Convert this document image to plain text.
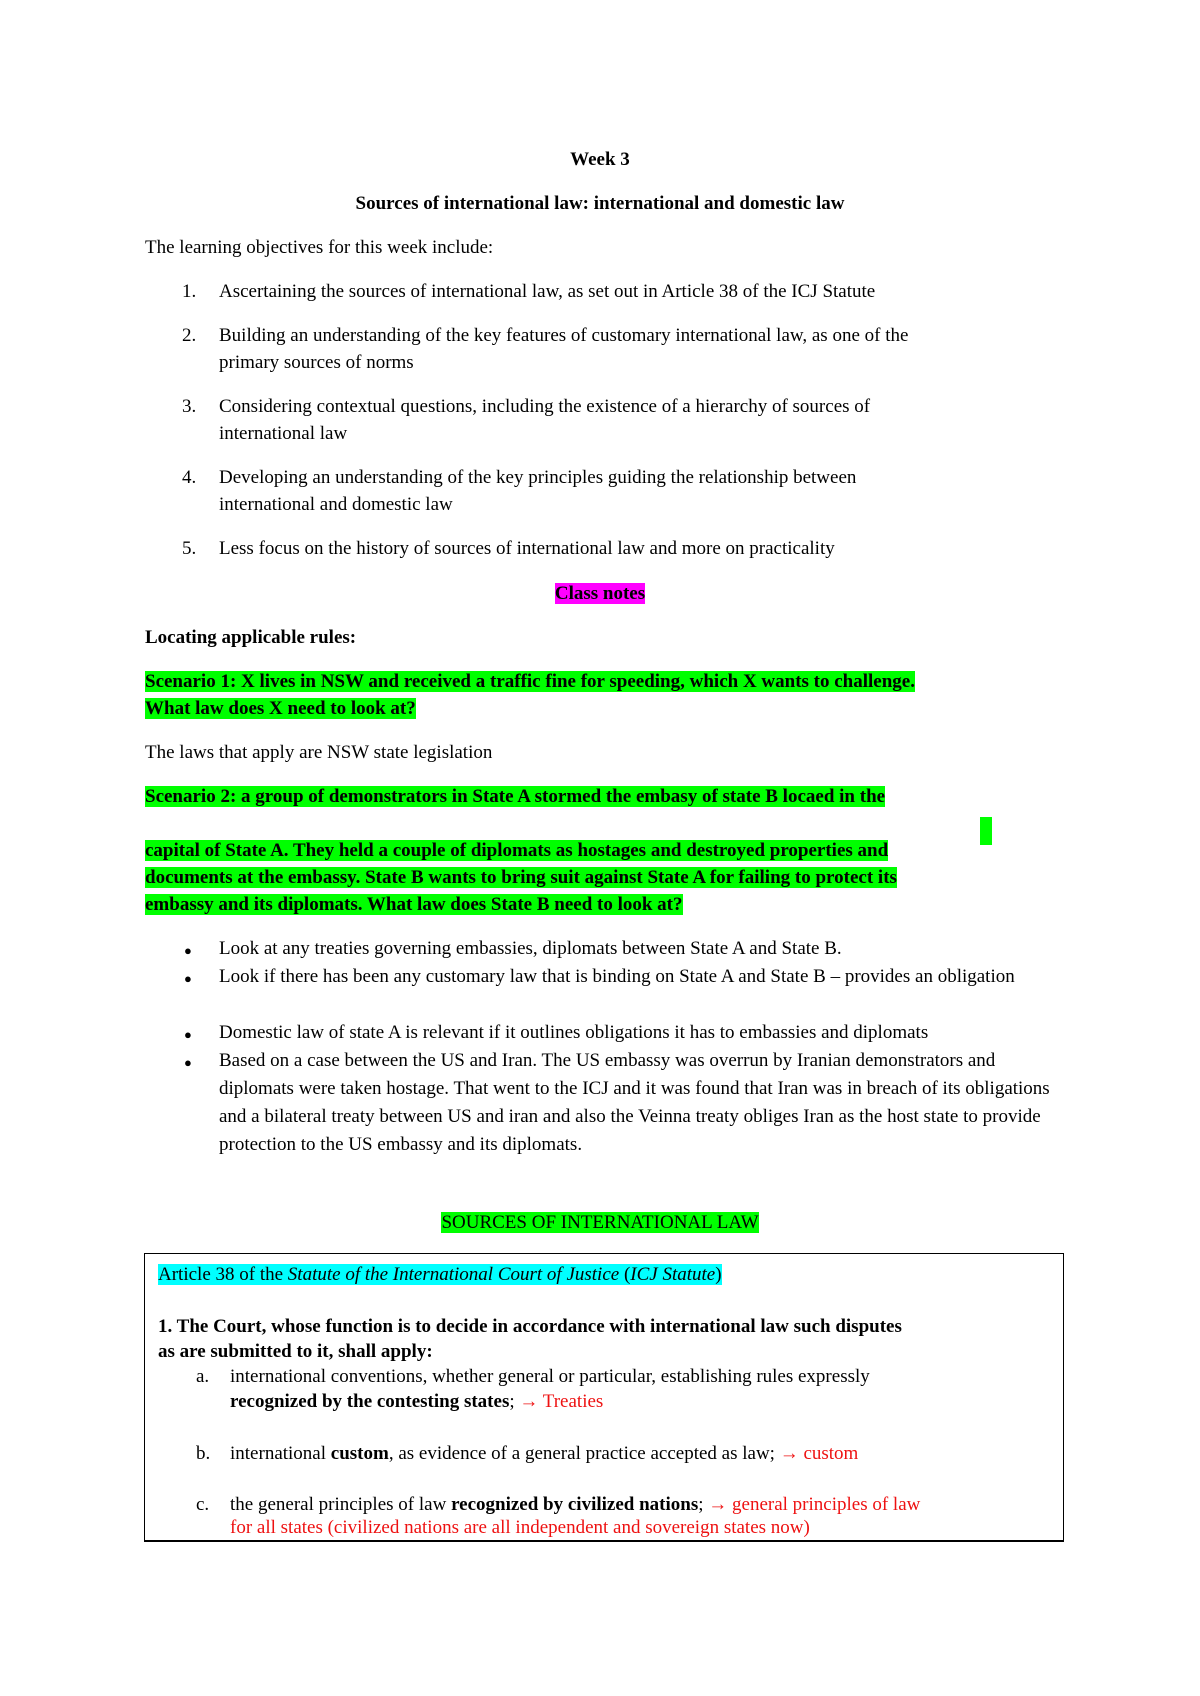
Week 3

Sources of international law: international and domestic law

The learning objectives for this week include:

1.	Ascertaining the sources of international law, as set out in Article 38 of the ICJ Statute
2.	Building an understanding of the key features of customary international law, as one of the
primary sources of norms
3.	Considering contextual questions, including the existence of a hierarchy of sources of
international law
4.	Developing an understanding of the key principles guiding the relationship between
international and domestic law
5.	Less focus on the history of sources of international law and more on practicality

Class notes

Locating applicable rules:

Scenario 1: X lives in NSW and received a traffic fine for speeding, which X wants to challenge.

What law does X need to look at?

The laws that apply are NSW state legislation

Scenario 2: a group of demonstrators in State A stormed the embasy of state B locaed in the

capital of State A. They held a couple of diplomats as hostages and destroyed properties and

documents at the embassy. State B wants to bring suit against State A for failing to protect its

embassy and its diplomats. What law does State B need to look at?

● Look at any treaties governing embassies, diplomats between State A and State B.
● Look if there has been any customary law that is binding on State A and State B – provides an obligation
● Domestic law of state A is relevant if it outlines obligations it has to embassies and diplomats
● Based on a case between the US and Iran. The US embassy was overrun by Iranian demonstrators and diplomats were taken hostage. That went to the ICJ and it was found that Iran was in breach of its obligations and a bilateral treaty between US and iran and also the Veinna treaty obliges Iran as the host state to provide protection to the US embassy and its diplomats.

SOURCES OF INTERNATIONAL LAW

Article 38 of the Statute of the International Court of Justice (ICJ Statute)
1. The Court, whose function is to decide in accordance with international law such disputes
as are submitted to it, shall apply:
a. international conventions, whether general or particular, establishing rules expressly
recognized by the contesting states; → Treaties
b. international custom, as evidence of a general practice accepted as law; → custom
c. the general principles of law recognized by civilized nations; → general principles of law
for all states (civilized nations are all independent and sovereign states now)
